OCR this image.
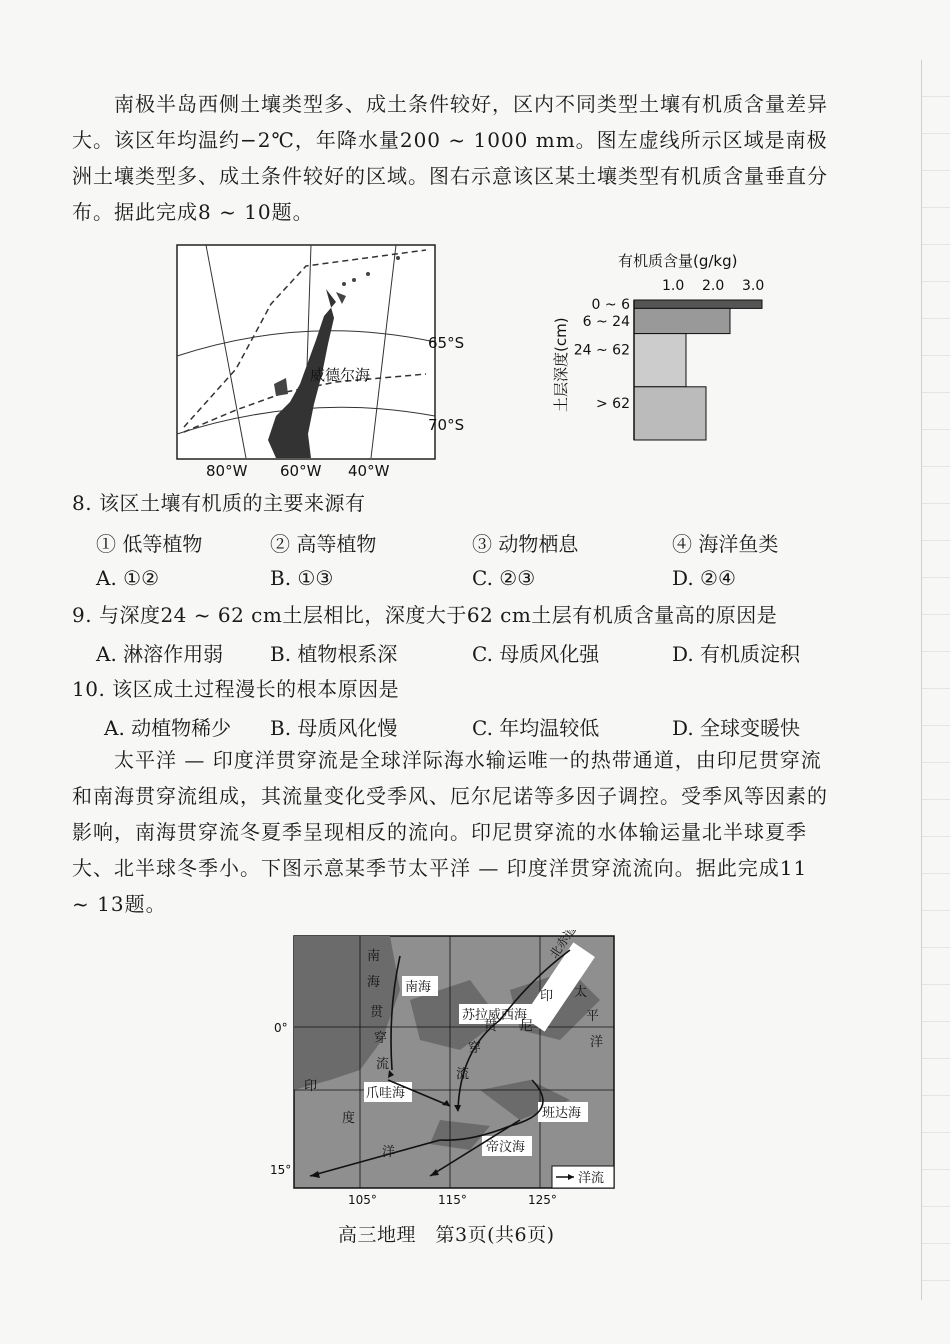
南极半岛西侧土壤类型多、成土条件较好，区内不同类型土壤有机质含量差异大。该区年均温约−2℃，年降水量200 ~ 1000 mm。图左虚线所示区域是南极洲土壤类型多、成土条件较好的区域。图右示意该区某土壤类型有机质含量垂直分布。据此完成8 ~ 10题。
威德尔海
65°S
70°S
80°W 60°W 40°W
有机质含量(g/kg)
土层深度(cm)
1.0 2.0 3.0
0 ~ 6
6 ~ 24
24 ~ 62
> 62
8. 该区土壤有机质的主要来源有
① 低等植物	② 高等植物	③ 动物栖息	④ 海洋鱼类
A. ①②	B. ①③	C. ②③	D. ②④
9. 与深度24 ~ 62 cm土层相比，深度大于62 cm土层有机质含量高的原因是
A. 淋溶作用弱 B. 植物根系深	C. 母质风化强	D. 有机质淀积
10. 该区成土过程漫长的根本原因是
A. 动植物稀少 B. 母质风化慢	C. 年均温较低	D. 全球变暖快
太平洋 — 印度洋贯穿流是全球洋际海水输运唯一的热带通道，由印尼贯穿流和南海贯穿流组成，其流量变化受季风、厄尔尼诺等多因子调控。受季风等因素的影响，南海贯穿流冬夏季呈现相反的流向。印尼贯穿流的水体输运量北半球夏季大、北半球冬季小。下图示意某季节太平洋 — 印度洋贯穿流流向。据此完成11 ~ 13题。
南海
苏拉威西海
爪哇海
班达海
帝汶海
南
海
贯
穿
流
印
尼
贯
穿
流
太
平
洋
印
度
洋
洋流
0°
15°
105°	115°	125°
高三地理　第3页(共6页)
